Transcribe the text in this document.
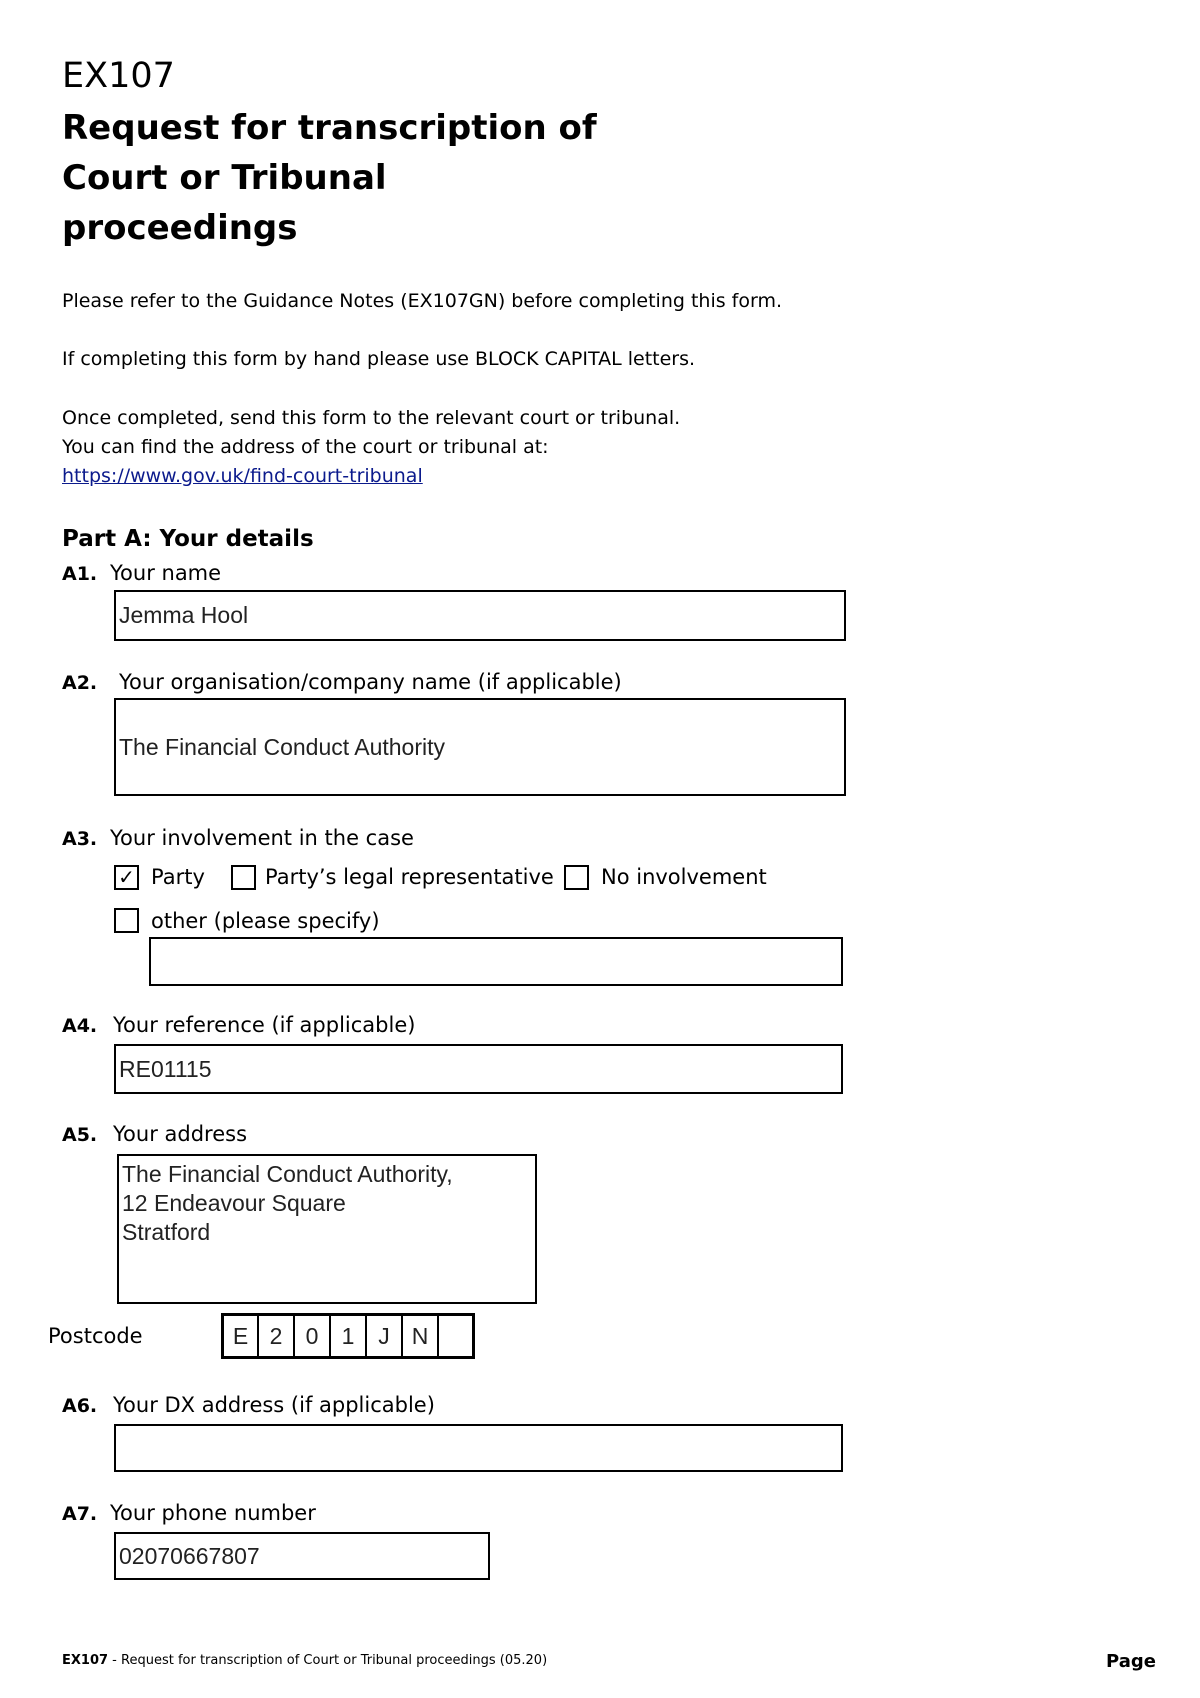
EX107
Request for transcription of
Court or Tribunal
proceedings
Please refer to the Guidance Notes (EX107GN) before completing this form.
If completing this form by hand please use BLOCK CAPITAL letters.
Once completed, send this form to the relevant court or tribunal.
You can find the address of the court or tribunal at:
https://www.gov.uk/find-court-tribunal
Part A: Your details
A1. Your name
Jemma Hool
A2. Your organisation/company name (if applicable)
The Financial Conduct Authority
A3. Your involvement in the case
✓ Party	Party’s legal representative No involvement
other (please specify)
A4. Your reference (if applicable)
RE01115
A5. Your address
The Financial Conduct Authority,
12 Endeavour Square
Stratford
Postcode	E 2	0	1	J N
A6. Your DX address (if applicable)
A7. Your phone number
02070667807
EX107 - Request for transcription of Court or Tribunal proceedings (05.20)	Page
